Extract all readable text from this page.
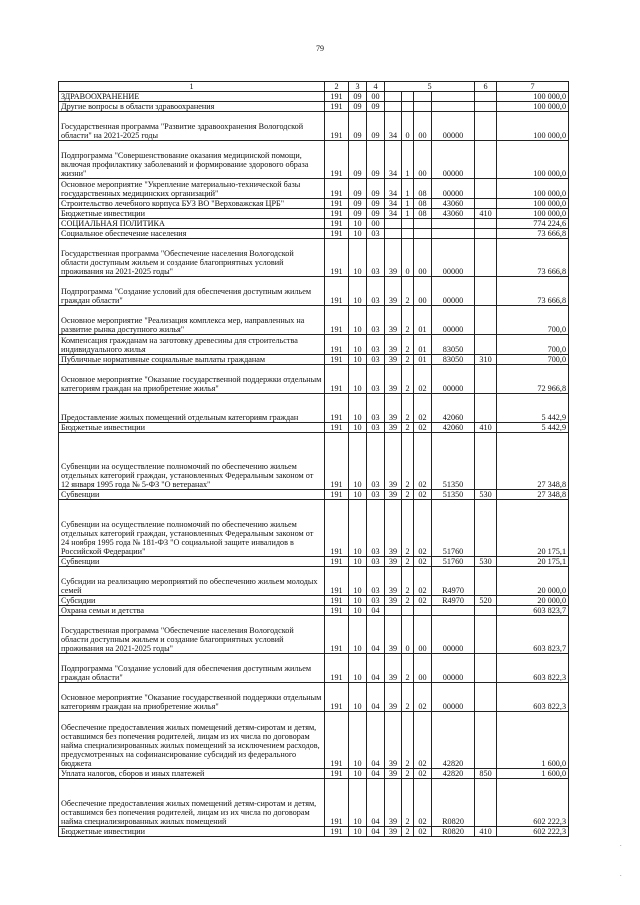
79
1	2	3	4	5				6	7
ЗДРАВООХРАНЕНИЕ	191	09	00						100 000,0
Другие вопросы в области здравоохранения	191	09	09						100 000,0
Государственная программа "Развитие здравоохранения Вологодской области" на 2021-2025 годы	191	09	09	34	0	00	00000		100 000,0
Подпрограмма "Совершенствование оказания медицинской помощи, включая профилактику заболеваний и формирование здорового образа жизни"	191	09	09	34	1	00	00000		100 000,0
Основное мероприятие "Укрепление материально-технической базы государственных медицинских организаций"	191	09	09	34	1	08	00000		100 000,0
Строительство лечебного корпуса БУЗ ВО "Верховажская ЦРБ"	191	09	09	34	1	08	43060		100 000,0
Бюджетные инвестиции	191	09	09	34	1	08	43060	410	100 000,0
СОЦИАЛЬНАЯ ПОЛИТИКА	191	10	00						774 224,6
Социальное обеспечение населения	191	10	03						73 666,8
Государственная программа "Обеспечение населения Вологодской области доступным жильем и создание благоприятных условий проживания на 2021-2025 годы"	191	10	03	39	0	00	00000		73 666,8
Подпрограмма "Создание условий для обеспечения доступным жильем граждан области"	191	10	03	39	2	00	00000		73 666,8
Основное мероприятие "Реализация комплекса мер, направленных на развитие рынка доступного жилья"	191	10	03	39	2	01	00000		700,0
Компенсация гражданам на заготовку древесины для строительства индивидуального жилья	191	10	03	39	2	01	83050		700,0
Публичные нормативные социальные выплаты гражданам	191	10	03	39	2	01	83050	310	700,0
Основное мероприятие "Оказание государственной поддержки отдельным категориям граждан на приобретение жилья"	191	10	03	39	2	02	00000		72 966,8
Предоставление жилых помещений отдельным категориям граждан	191	10	03	39	2	02	42060		5 442,9
Бюджетные инвестиции	191	10	03	39	2	02	42060	410	5 442,9
Субвенции на осуществление полномочий по обеспечению жильем отдельных категорий граждан, установленных Федеральным законом от 12 января 1995 года № 5-ФЗ "О ветеранах"	191	10	03	39	2	02	51350		27 348,8
Субвенции	191	10	03	39	2	02	51350	530	27 348,8
Субвенции на осуществление полномочий по обеспечению жильем отдельных категорий граждан, установленных Федеральным законом от 24 ноября 1995 года № 181-ФЗ "О социальной защите инвалидов в Российской Федерации"	191	10	03	39	2	02	51760		20 175,1
Субвенции	191	10	03	39	2	02	51760	530	20 175,1
Субсидии на реализацию мероприятий по обеспечению жильем молодых семей	191	10	03	39	2	02	R4970		20 000,0
Субсидии	191	10	03	39	2	02	R4970	520	20 000,0
Охрана семьи и детства	191	10	04						603 823,7
Государственная программа "Обеспечение населения Вологодской области доступным жильем и создание благоприятных условий проживания на 2021-2025 годы"	191	10	04	39	0	00	00000		603 823,7
Подпрограмма "Создание условий для обеспечения доступным жильем граждан области"	191	10	04	39	2	00	00000		603 822,3
Основное мероприятие "Оказание государственной поддержки отдельным категориям граждан на приобретение жилья"	191	10	04	39	2	02	00000		603 822,3
Обеспечение предоставления жилых помещений детям-сиротам и детям, оставшимся без попечения родителей, лицам из их числа по договорам найма специализированных жилых помещений за исключением расходов, предусмотренных на софинансирование субсидий из федерального бюджета	191	10	04	39	2	02	42820		1 600,0
Уплата налогов, сборов и иных платежей	191	10	04	39	2	02	42820	850	1 600,0
Обеспечение предоставления жилых помещений детям-сиротам и детям, оставшимся без попечения родителей, лицам из их числа по договорам найма специализированных жилых помещений	191	10	04	39	2	02	R0820		602 222,3
Бюджетные инвестиции	191	10	04	39	2	02	R0820	410	602 222,3
·
·
